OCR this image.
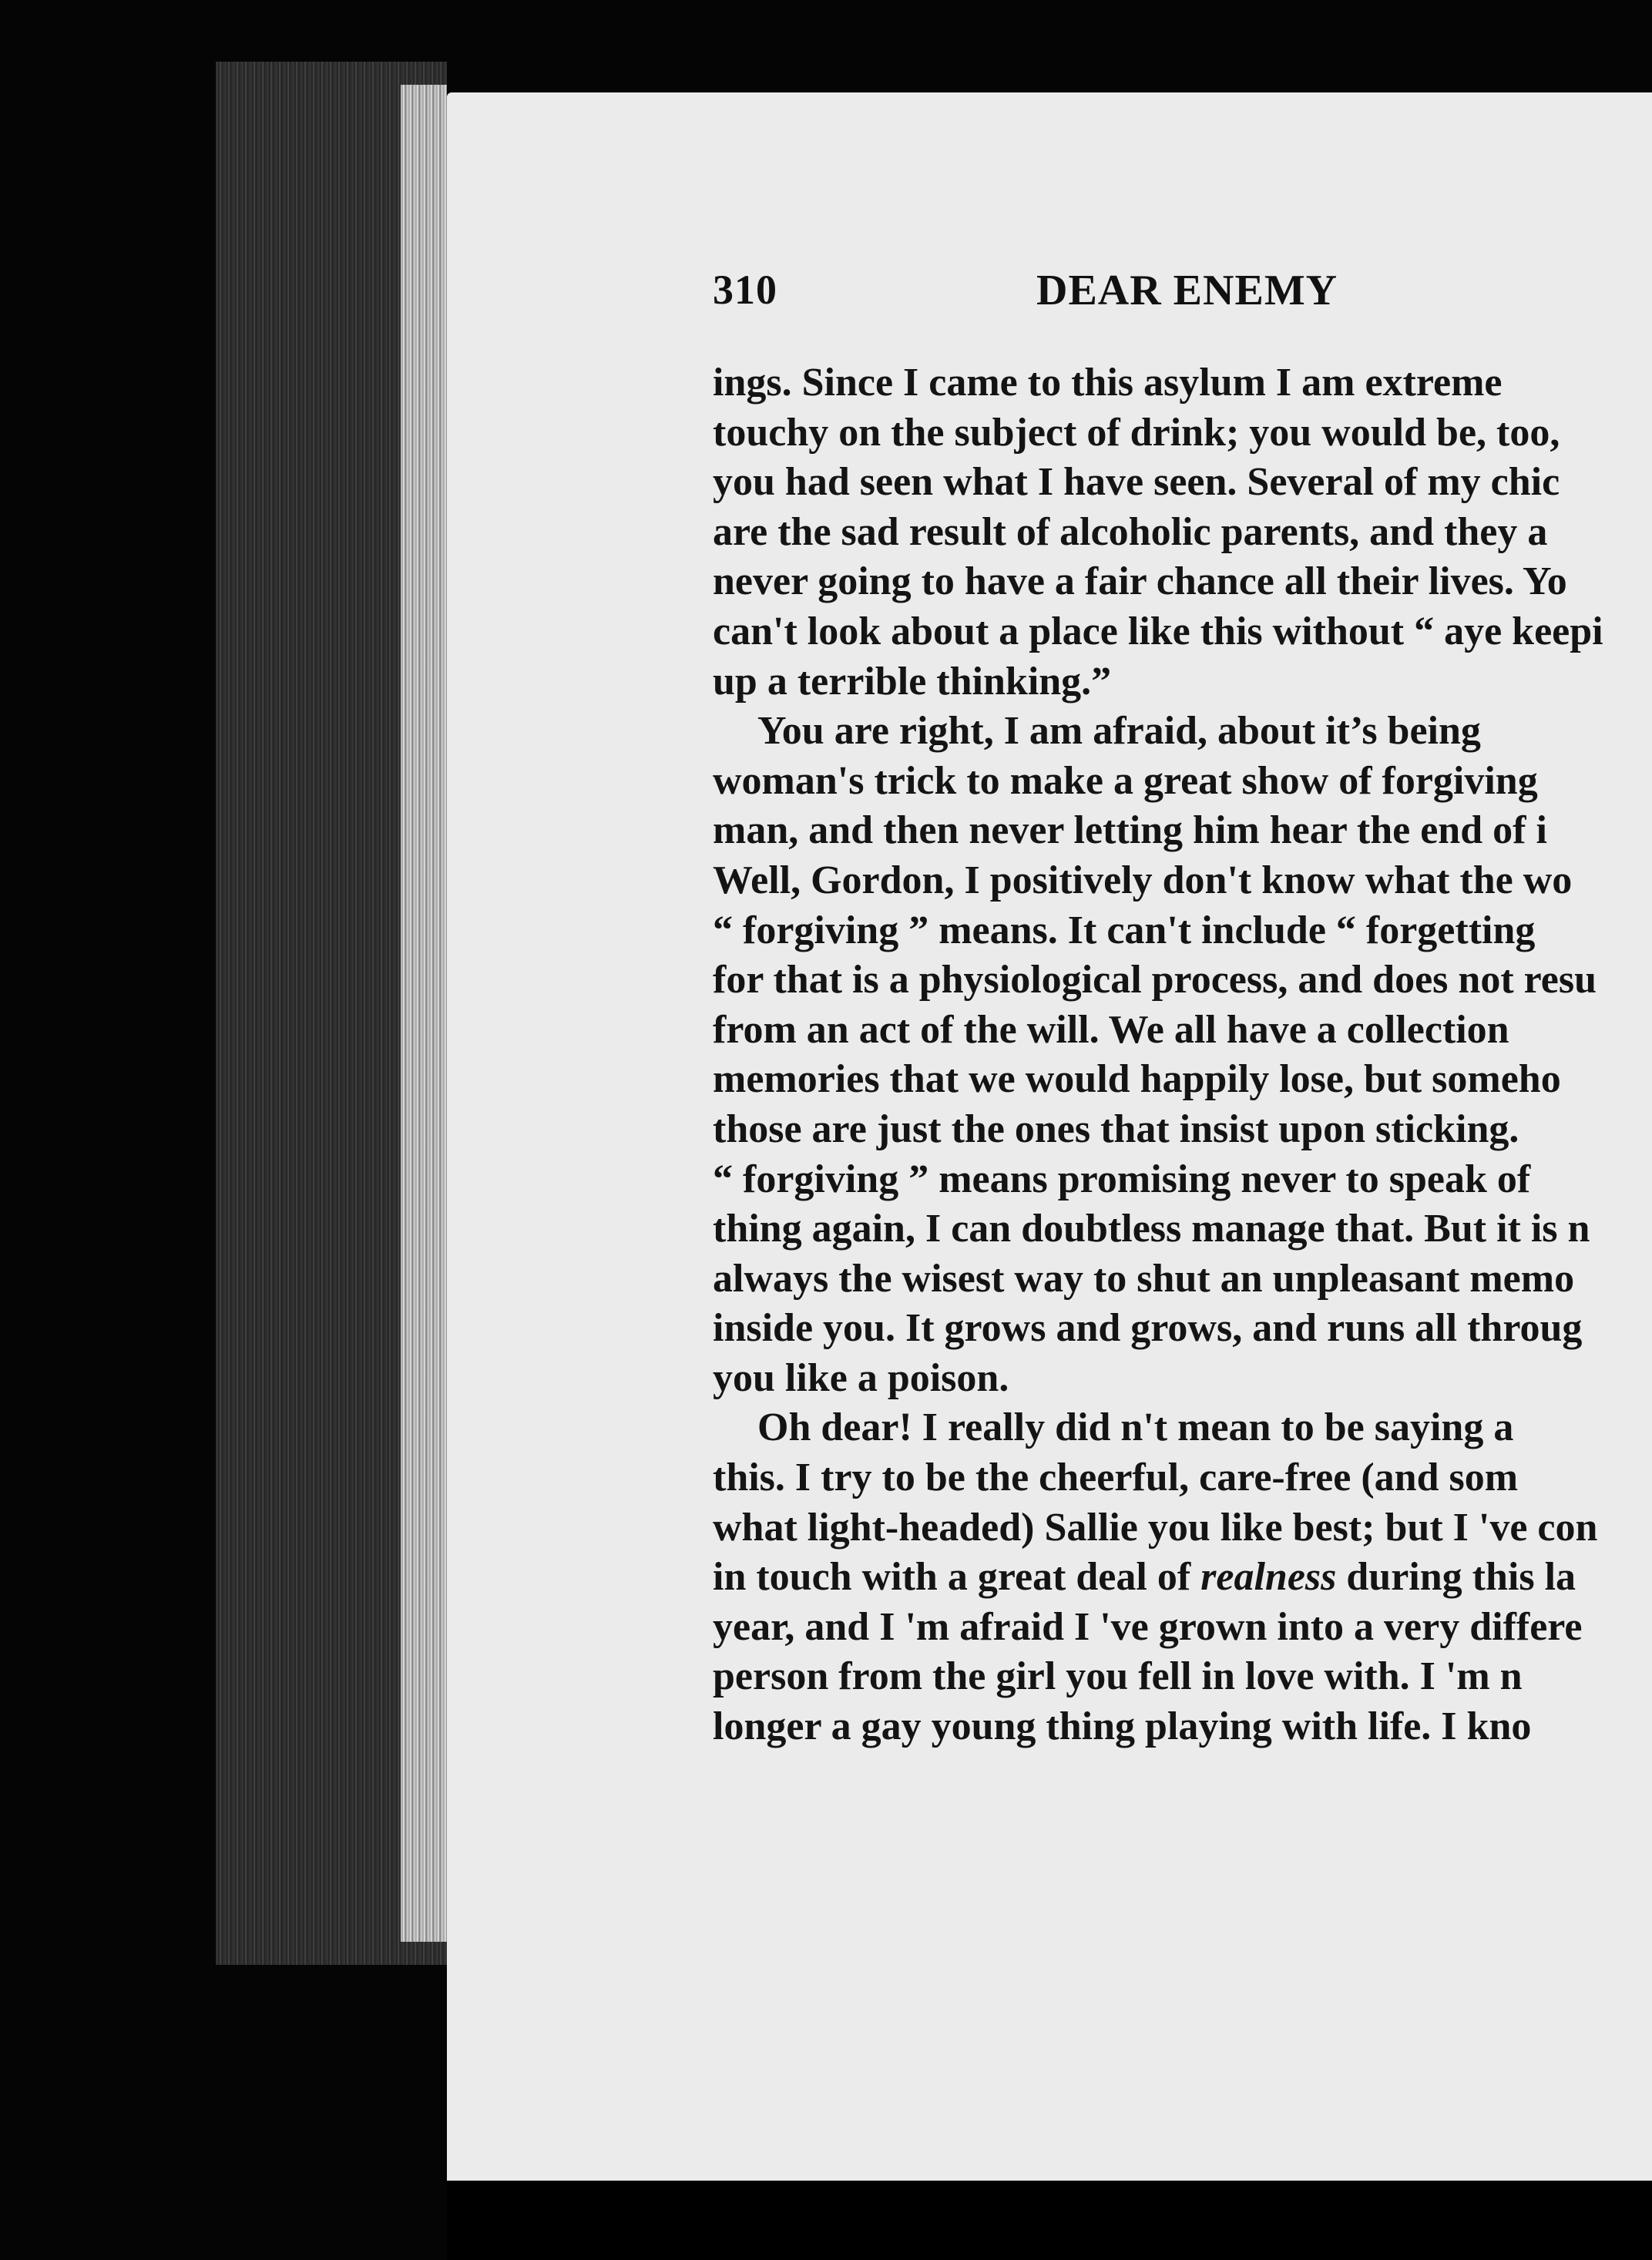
310	DEAR ENEMY
ings. Since I came to this asylum I am extreme
touchy on the subject of drink; you would be, too,
you had seen what I have seen. Several of my chic
are the sad result of alcoholic parents, and they a
never going to have a fair chance all their lives. Yo
can't look about a place like this without “ aye keepi
up a terrible thinking.”
You are right, I am afraid, about it’s being
woman's trick to make a great show of forgiving
man, and then never letting him hear the end of i
Well, Gordon, I positively don't know what the wo
“ forgiving ” means. It can't include “ forgetting
for that is a physiological process, and does not resu
from an act of the will. We all have a collection
memories that we would happily lose, but someho
those are just the ones that insist upon sticking.
“ forgiving ” means promising never to speak of
thing again, I can doubtless manage that. But it is n
always the wisest way to shut an unpleasant memo
inside you. It grows and grows, and runs all throug
you like a poison.
Oh dear! I really did n't mean to be saying a
this. I try to be the cheerful, care-free (and som
what light-headed) Sallie you like best; but I 've con
in touch with a great deal of realness during this la
year, and I 'm afraid I 've grown into a very differe
person from the girl you fell in love with. I 'm n
longer a gay young thing playing with life. I kno
